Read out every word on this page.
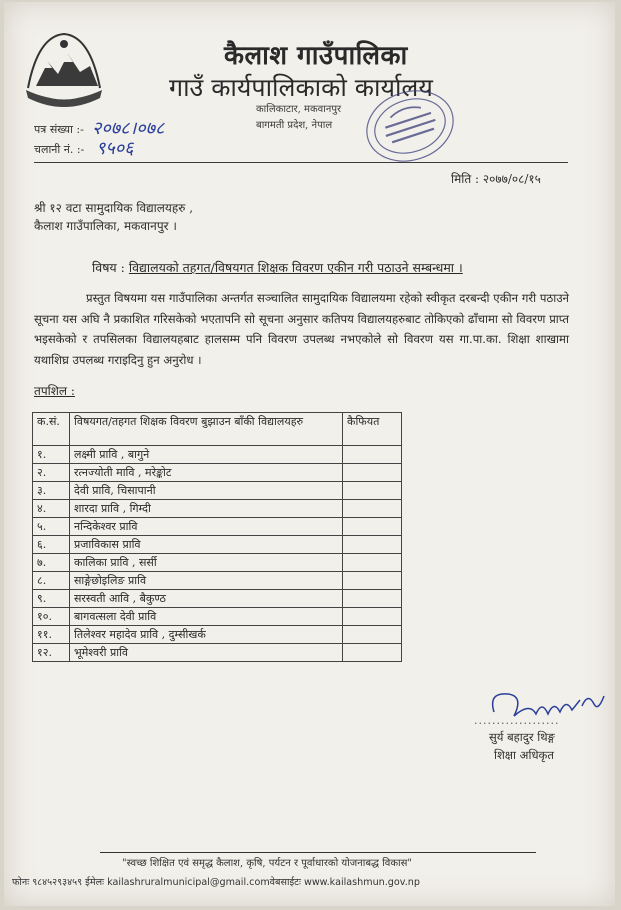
कैलाश गाउँपालिका
गाउँ कार्यपालिकाको कार्यालय
कालिकाटार, मकवानपुर
बागमती प्रदेश, नेपाल
पत्र संख्या :- २०७८।०७८
चलानी नं. :- ९५०६
मिति : २०७७/०८/१५
श्री १२ वटा सामुदायिक विद्यालयहरु ,
कैलाश गाउँपालिका, मकवानपुर ।
विषय : विद्यालयको तहगत/विषयगत शिक्षक विवरण एकीन गरी पठाउने सम्बन्धमा ।
प्रस्तुत विषयमा यस गाउँपालिका अन्तर्गत सञ्चालित सामुदायिक विद्यालयमा रहेको स्वीकृत दरबन्दी एकीन गरी पठाउने सूचना यस अघि नै प्रकाशित गरिसकेको भएतापनि सो सूचना अनुसार कतिपय विद्यालयहरुबाट तोकिएको ढाँचामा सो विवरण प्राप्त भइसकेको र तपसिलका विद्यालयहबाट हालसम्म पनि विवरण उपलब्ध नभएकोले सो विवरण यस गा.पा.का. शिक्षा शाखामा यथाशिघ्र उपलब्ध गराइदिनु हुन अनुरोध ।
तपशिल :
क.सं.	विषयगत/तहगत शिक्षक विवरण बुझाउन बाँकी विद्यालयहरु	कैफियत
१.	लक्ष्मी प्रावि , बागुने	
२.	रत्नज्योती मावि , मरेङ्कोट	
३.	देवी प्रावि, चिसापानी	
४.	शारदा प्रावि , गिम्दी	
५.	नन्दिकेश्वर प्रावि	
६.	प्रजाविकास प्रावि	
७.	कालिका प्रावि , सर्सी	
८.	साङ्गेछोइलिङ प्रावि	
९.	सरस्वती आवि , बैकुण्ठ	
१०.	बागवत्सला देवी प्रावि	
११.	तिलेश्वर महादेव प्रावि , दुम्सीखर्क	
१२.	भूमेश्वरी प्रावि	
...................
सुर्य बहादुर थिङ्ग
शिक्षा अधिकृत
"स्वच्छ शिक्षित एवं समृद्ध कैलाश, कृषि, पर्यटन र पूर्वाधारको योजनाबद्ध विकास"
फोनः ९८४५२९३४५९ ईमेलः kailashruralmunicipal@gmail.comवेबसाईटः www.kailashmun.gov.np
